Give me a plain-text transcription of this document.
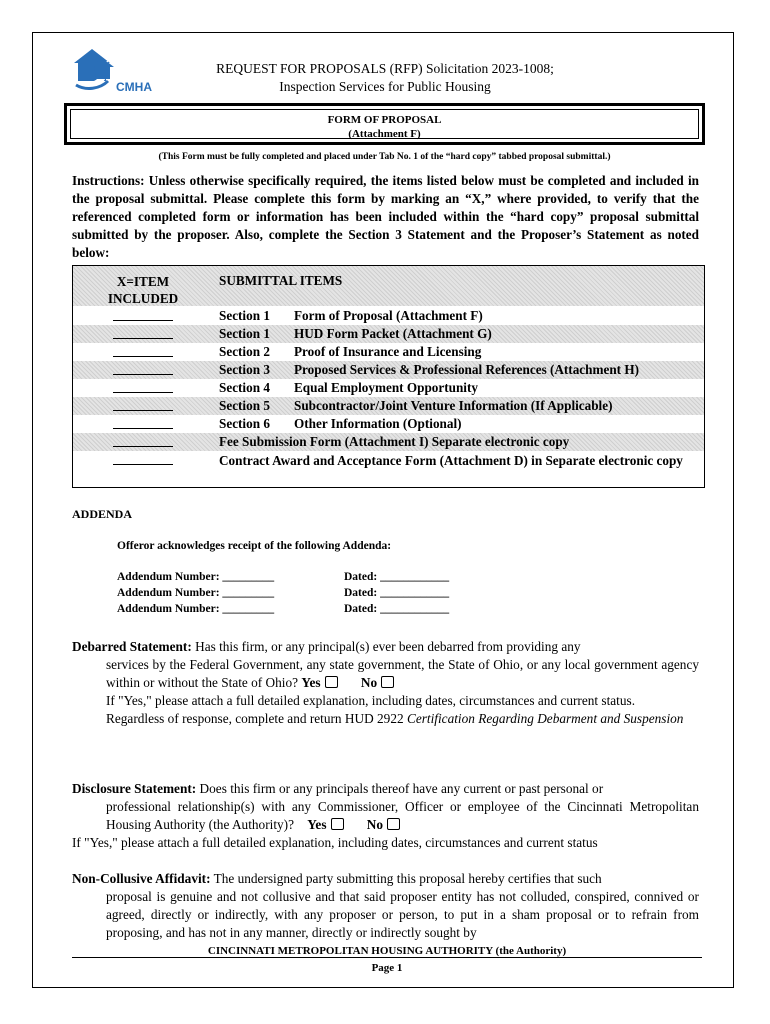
CMHA
REQUEST FOR PROPOSALS (RFP) Solicitation 2023-1008;
Inspection Services for Public Housing
FORM OF PROPOSAL
(Attachment F)
(This Form must be fully completed and placed under Tab No. 1 of the “hard copy” tabbed proposal submittal.)
Instructions: Unless otherwise specifically required, the items listed below must be completed and included in the proposal submittal. Please complete this form by marking an “X,” where provided, to verify that the referenced completed form or information has been included within the “hard copy” proposal submittal submitted by the proposer. Also, complete the Section 3 Statement and the Proposer’s Statement as noted below:
X=ITEM
INCLUDED
SUBMITTAL ITEMS
Section 1 Form of Proposal (Attachment F)
Section 1 HUD Form Packet (Attachment G)
Section 2 Proof of Insurance and Licensing
Section 3 Proposed Services & Professional References (Attachment H)
Section 4 Equal Employment Opportunity
Section 5 Subcontractor/Joint Venture Information (If Applicable)
Section 6 Other Information (Optional)
Fee Submission Form (Attachment I) Separate electronic copy
Contract Award and Acceptance Form (Attachment D) in Separate electronic copy
ADDENDA
Offeror acknowledges receipt of the following Addenda:
Addendum Number: _________	Dated: ____________
Addendum Number: _________	Dated: ____________
Addendum Number: _________	Dated: ____________
Debarred Statement: Has this firm, or any principal(s) ever been debarred from providing any
services by the Federal Government, any state government, the State of Ohio, or any local government agency within or without the State of Ohio? Yes	No
If "Yes," please attach a full detailed explanation, including dates, circumstances and current status.
Regardless of response, complete and return HUD 2922 Certification Regarding Debarment and Suspension
Disclosure Statement: Does this firm or any principals thereof have any current or past personal or
professional relationship(s) with any Commissioner, Officer or employee of the Cincinnati Metropolitan Housing Authority (the Authority)? Yes	No
If "Yes," please attach a full detailed explanation, including dates, circumstances and current status
Non-Collusive Affidavit: The undersigned party submitting this proposal hereby certifies that such
proposal is genuine and not collusive and that said proposer entity has not colluded, conspired, connived or agreed, directly or indirectly, with any proposer or person, to put in a sham proposal or to refrain from proposing, and has not in any manner, directly or indirectly sought by
CINCINNATI METROPOLITAN HOUSING AUTHORITY (the Authority)
Page 1
